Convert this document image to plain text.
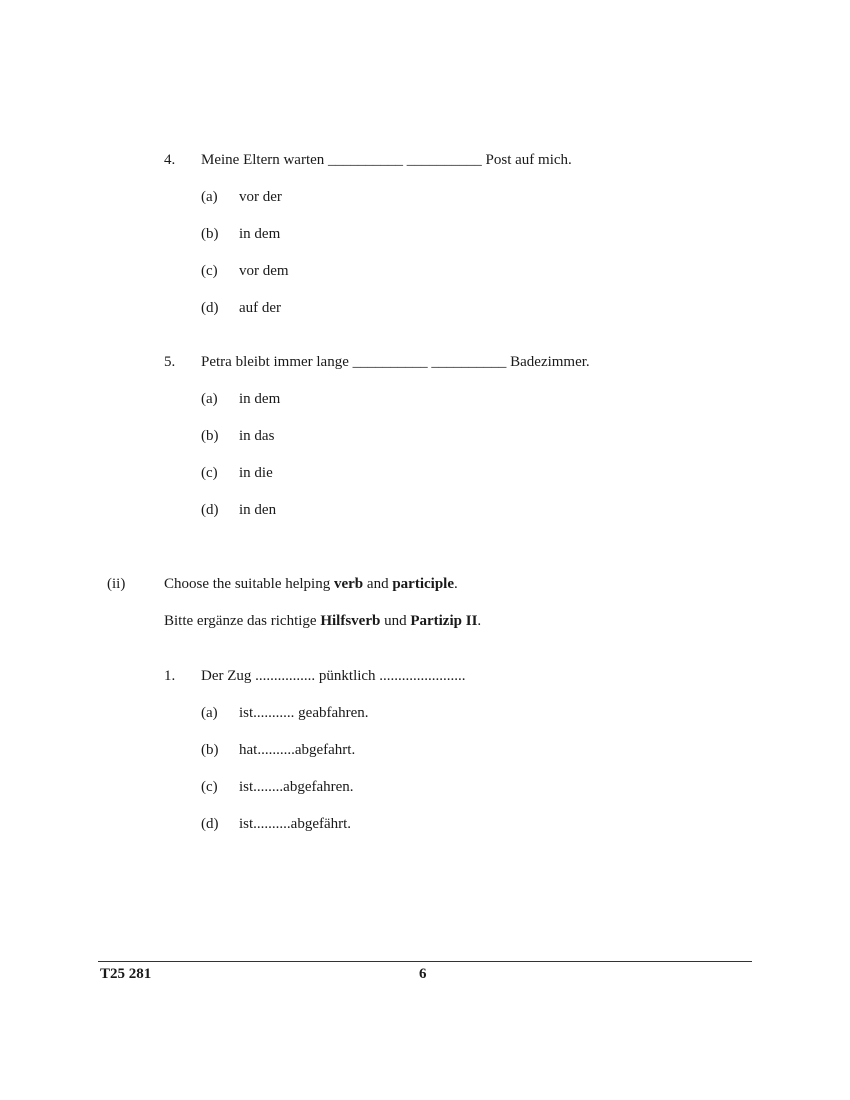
4. Meine Eltern warten __________ __________ Post auf mich.
(a) vor der
(b) in dem
(c) vor dem
(d) auf der
5. Petra bleibt immer lange __________ __________ Badezimmer.
(a) in dem
(b) in das
(c) in die
(d) in den
(ii)	Choose the suitable helping verb and participle.
Bitte ergänze das richtige Hilfsverb und Partizip II.
1. Der Zug ................ pünktlich .......................
(a) ist........... geabfahren.
(b) hat..........abgefahrt.
(c) ist........abgefahren.
(d) ist..........abgefährt.
T25 281	6
